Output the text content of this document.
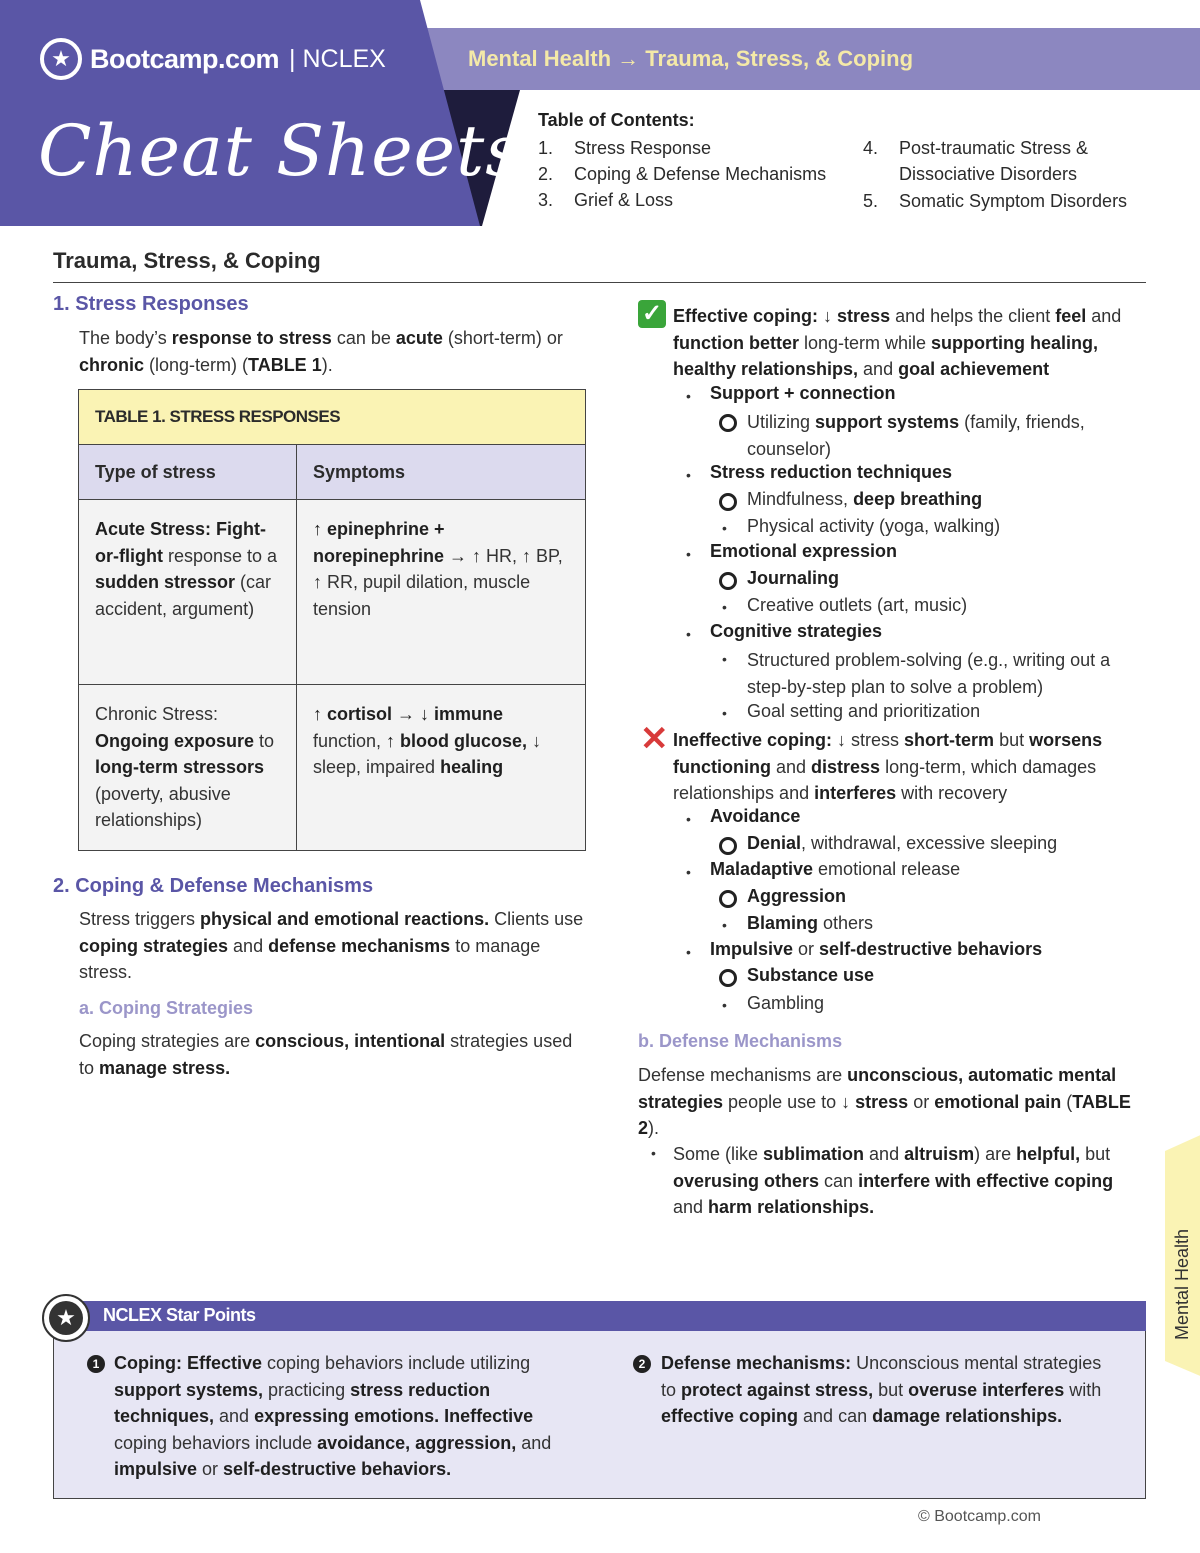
★ Bootcamp.com | NCLEX
Cheat Sheets
Mental Health → Trauma, Stress, & Coping
Table of Contents:
1. Stress Response
2. Coping & Defense Mechanisms
3. Grief & Loss
4. Post-traumatic Stress &
Dissociative Disorders
5. Somatic Symptom Disorders
Trauma, Stress, & Coping
1. Stress Responses
The body’s response to stress can be acute (short-term) or chronic (long-term) (TABLE 1).
TABLE 1. STRESS RESPONSES	
Type of stress	Symptoms
Acute Stress: Fight-or-flight response to a sudden stressor (car accident, argument)	↑ epinephrine + norepinephrine → ↑ HR, ↑ BP, ↑ RR, pupil dilation, muscle tension
Chronic Stress: Ongoing exposure to long-term stressors (poverty, abusive relationships)	↑ cortisol → ↓ immune function, ↑ blood glucose, ↓ sleep, impaired healing
2. Coping & Defense Mechanisms
Stress triggers physical and emotional reactions. Clients use coping strategies and defense mechanisms to manage stress.
a. Coping Strategies
Coping strategies are conscious, intentional strategies used to manage stress.
✓ Effective coping: ↓ stress and helps the client feel and function better long-term while supporting healing, healthy relationships, and goal achievement
• Support + connection
Utilizing support systems (family, friends, counselor)
• Stress reduction techniques
Mindfulness, deep breathing
• Physical activity (yoga, walking)
• Emotional expression
Journaling
• Creative outlets (art, music)
• Cognitive strategies
• Structured problem-solving (e.g., writing out a step-by-step plan to solve a problem)
• Goal setting and prioritization
✕ Ineffective coping: ↓ stress short-term but worsens functioning and distress long-term, which damages relationships and interferes with recovery
• Avoidance
Denial, withdrawal, excessive sleeping
• Maladaptive emotional release
Aggression
• Blaming others
• Impulsive or self-destructive behaviors
Substance use
• Gambling
b. Defense Mechanisms
Defense mechanisms are unconscious, automatic mental strategies people use to ↓ stress or emotional pain (TABLE 2).
• Some (like sublimation and altruism) are helpful, but overusing others can interfere with effective coping and harm relationships.
Mental Health
NCLEX Star Points
★
1 Coping: Effective coping behaviors include utilizing support systems, practicing stress reduction techniques, and expressing emotions. Ineffective coping behaviors include avoidance, aggression, and impulsive or self-destructive behaviors.
2 Defense mechanisms: Unconscious mental strategies to protect against stress, but overuse interferes with effective coping and can damage relationships.
© Bootcamp.com
